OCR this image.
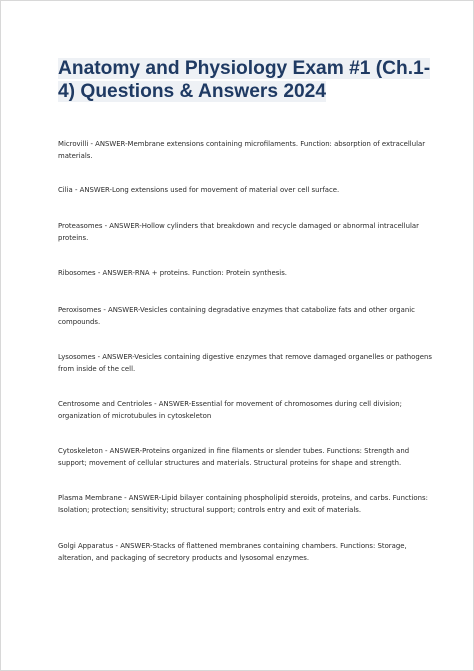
Anatomy and Physiology Exam #1 (Ch.1-4) Questions & Answers 2024

Microvilli - ANSWER-Membrane extensions containing microfilaments. Function: absorption of extracellular materials.

Cilia - ANSWER-Long extensions used for movement of material over cell surface.

Proteasomes - ANSWER-Hollow cylinders that breakdown and recycle damaged or abnormal intracellular proteins.

Ribosomes - ANSWER-RNA + proteins. Function: Protein synthesis.

Peroxisomes - ANSWER-Vesicles containing degradative enzymes that catabolize fats and other organic compounds.

Lysosomes - ANSWER-Vesicles containing digestive enzymes that remove damaged organelles or pathogens from inside of the cell.

Centrosome and Centrioles - ANSWER-Essential for movement of chromosomes during cell division; organization of microtubules in cytoskeleton

Cytoskeleton - ANSWER-Proteins organized in fine filaments or slender tubes. Functions: Strength and support; movement of cellular structures and materials. Structural proteins for shape and strength.

Plasma Membrane - ANSWER-Lipid bilayer containing phospholipid steroids, proteins, and carbs. Functions: Isolation; protection; sensitivity; structural support; controls entry and exit of materials.

Golgi Apparatus - ANSWER-Stacks of flattened membranes containing chambers. Functions: Storage, alteration, and packaging of secretory products and lysosomal enzymes.
